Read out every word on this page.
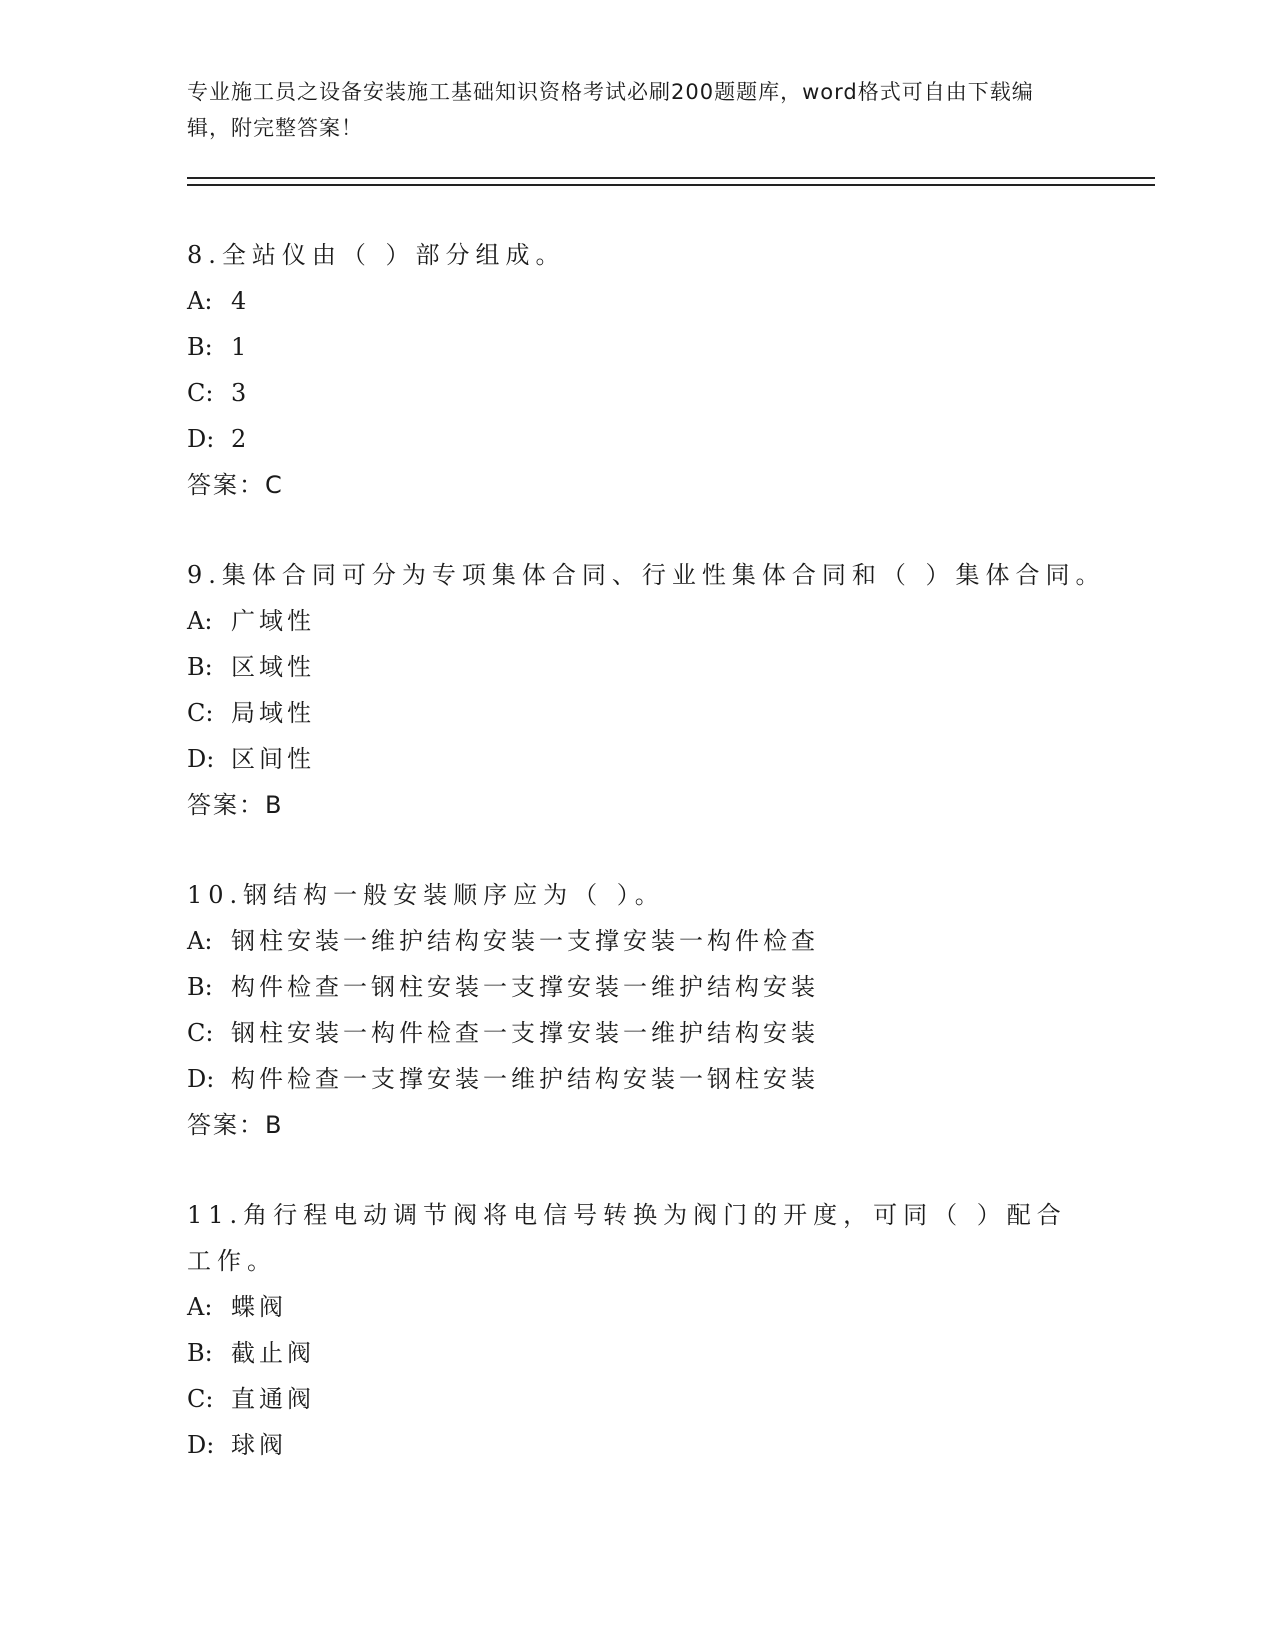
专业施工员之设备安装施工基础知识资格考试必刷200题题库，word格式可自由下载编辑，附完整答案！
8.全站仪由（ ）部分组成。
A: 4
B: 1
C: 3
D: 2
答案：C
9.集体合同可分为专项集体合同、行业性集体合同和（ ）集体合同。
A: 广域性
B: 区域性
C: 局域性
D: 区间性
答案：B
10.钢结构一般安装顺序应为（ ）。
A: 钢柱安装一维护结构安装一支撑安装一构件检查
B: 构件检查一钢柱安装一支撑安装一维护结构安装
C: 钢柱安装一构件检查一支撑安装一维护结构安装
D: 构件检查一支撑安装一维护结构安装一钢柱安装
答案：B
11.角行程电动调节阀将电信号转换为阀门的开度，可同（ ）配合工作。
A: 蝶阀
B: 截止阀
C: 直通阀
D: 球阀
